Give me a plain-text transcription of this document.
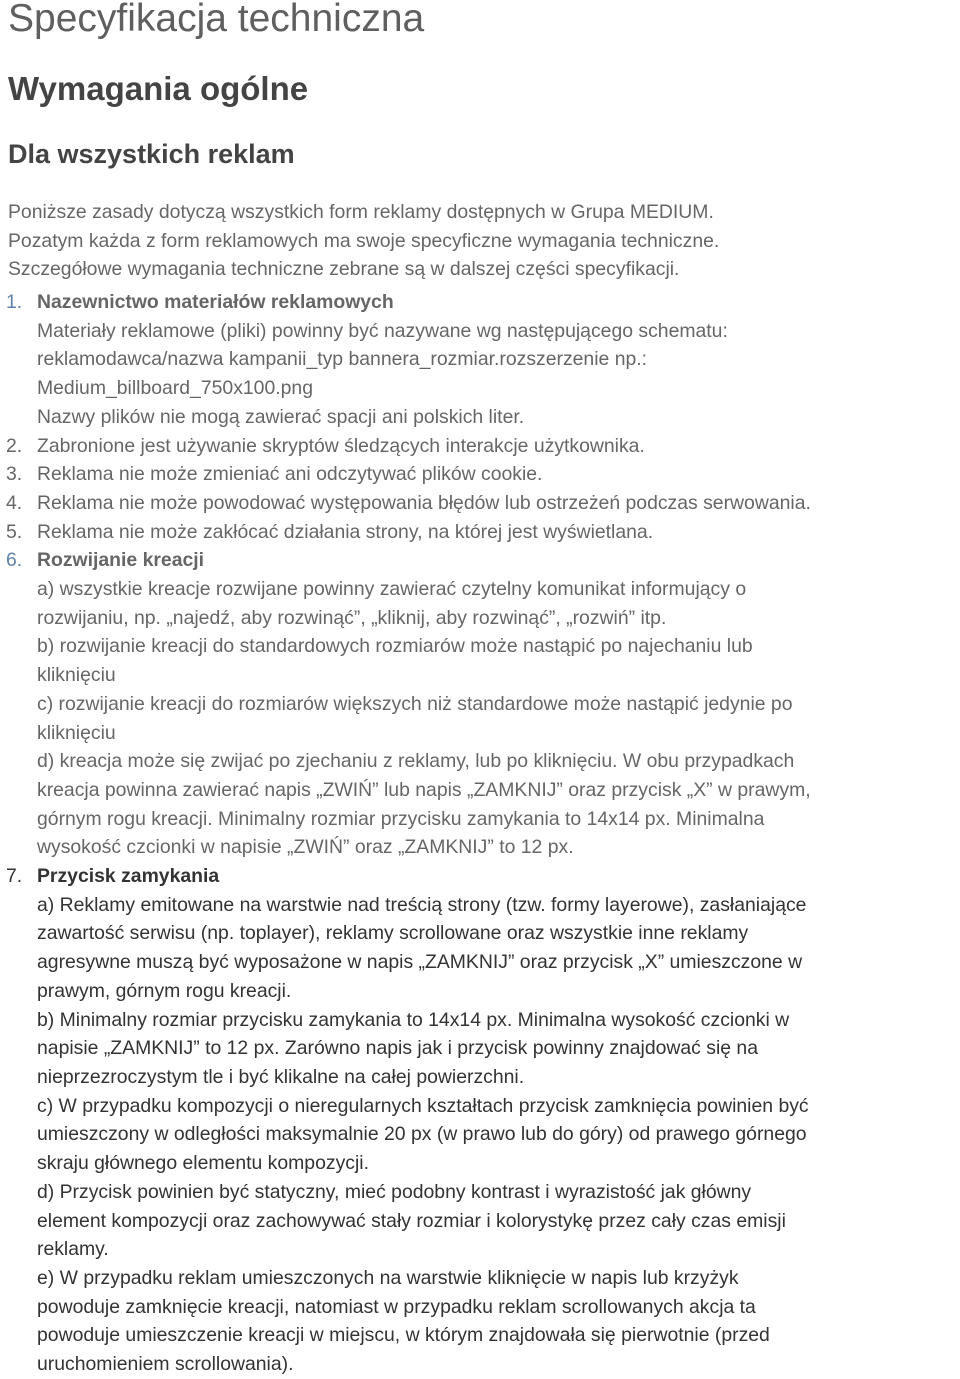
Specyfikacja techniczna
Wymagania ogólne
Dla wszystkich reklam
Poniższe zasady dotyczą wszystkich form reklamy dostępnych w Grupa MEDIUM.
Pozatym każda z form reklamowych ma swoje specyficzne wymagania techniczne.
Szczegółowe wymagania techniczne zebrane są w dalszej części specyfikacji.
1. Nazewnictwo materiałów reklamowych
Materiały reklamowe (pliki) powinny być nazywane wg następującego schematu:
reklamodawca/nazwa kampanii_typ bannera_rozmiar.rozszerzenie np.:
Medium_billboard_750x100.png
Nazwy plików nie mogą zawierać spacji ani polskich liter.
2. Zabronione jest używanie skryptów śledzących interakcje użytkownika.
3. Reklama nie może zmieniać ani odczytywać plików cookie.
4. Reklama nie może powodować występowania błędów lub ostrzeżeń podczas serwowania.
5. Reklama nie może zakłócać działania strony, na której jest wyświetlana.
6. Rozwijanie kreacji
a) wszystkie kreacje rozwijane powinny zawierać czytelny komunikat informujący o
rozwijaniu, np. „najedź, aby rozwinąć”, „kliknij, aby rozwinąć”, „rozwiń” itp.
b) rozwijanie kreacji do standardowych rozmiarów może nastąpić po najechaniu lub
kliknięciu
c) rozwijanie kreacji do rozmiarów większych niż standardowe może nastąpić jedynie po
kliknięciu
d) kreacja może się zwijać po zjechaniu z reklamy, lub po kliknięciu. W obu przypadkach
kreacja powinna zawierać napis „ZWIŃ” lub napis „ZAMKNIJ” oraz przycisk „X” w prawym,
górnym rogu kreacji. Minimalny rozmiar przycisku zamykania to 14x14 px. Minimalna
wysokość czcionki w napisie „ZWIŃ” oraz „ZAMKNIJ” to 12 px.
7. Przycisk zamykania
a) Reklamy emitowane na warstwie nad treścią strony (tzw. formy layerowe), zasłaniające
zawartość serwisu (np. toplayer), reklamy scrollowane oraz wszystkie inne reklamy
agresywne muszą być wyposażone w napis „ZAMKNIJ” oraz przycisk „X” umieszczone w
prawym, górnym rogu kreacji.
b) Minimalny rozmiar przycisku zamykania to 14x14 px. Minimalna wysokość czcionki w
napisie „ZAMKNIJ” to 12 px. Zarówno napis jak i przycisk powinny znajdować się na
nieprzezroczystym tle i być klikalne na całej powierzchni.
c) W przypadku kompozycji o nieregularnych kształtach przycisk zamknięcia powinien być
umieszczony w odległości maksymalnie 20 px (w prawo lub do góry) od prawego górnego
skraju głównego elementu kompozycji.
d) Przycisk powinien być statyczny, mieć podobny kontrast i wyrazistość jak główny
element kompozycji oraz zachowywać stały rozmiar i kolorystykę przez cały czas emisji
reklamy.
e) W przypadku reklam umieszczonych na warstwie kliknięcie w napis lub krzyżyk
powoduje zamknięcie kreacji, natomiast w przypadku reklam scrollowanych akcja ta
powoduje umieszczenie kreacji w miejscu, w którym znajdowała się pierwotnie (przed
uruchomieniem scrollowania).
